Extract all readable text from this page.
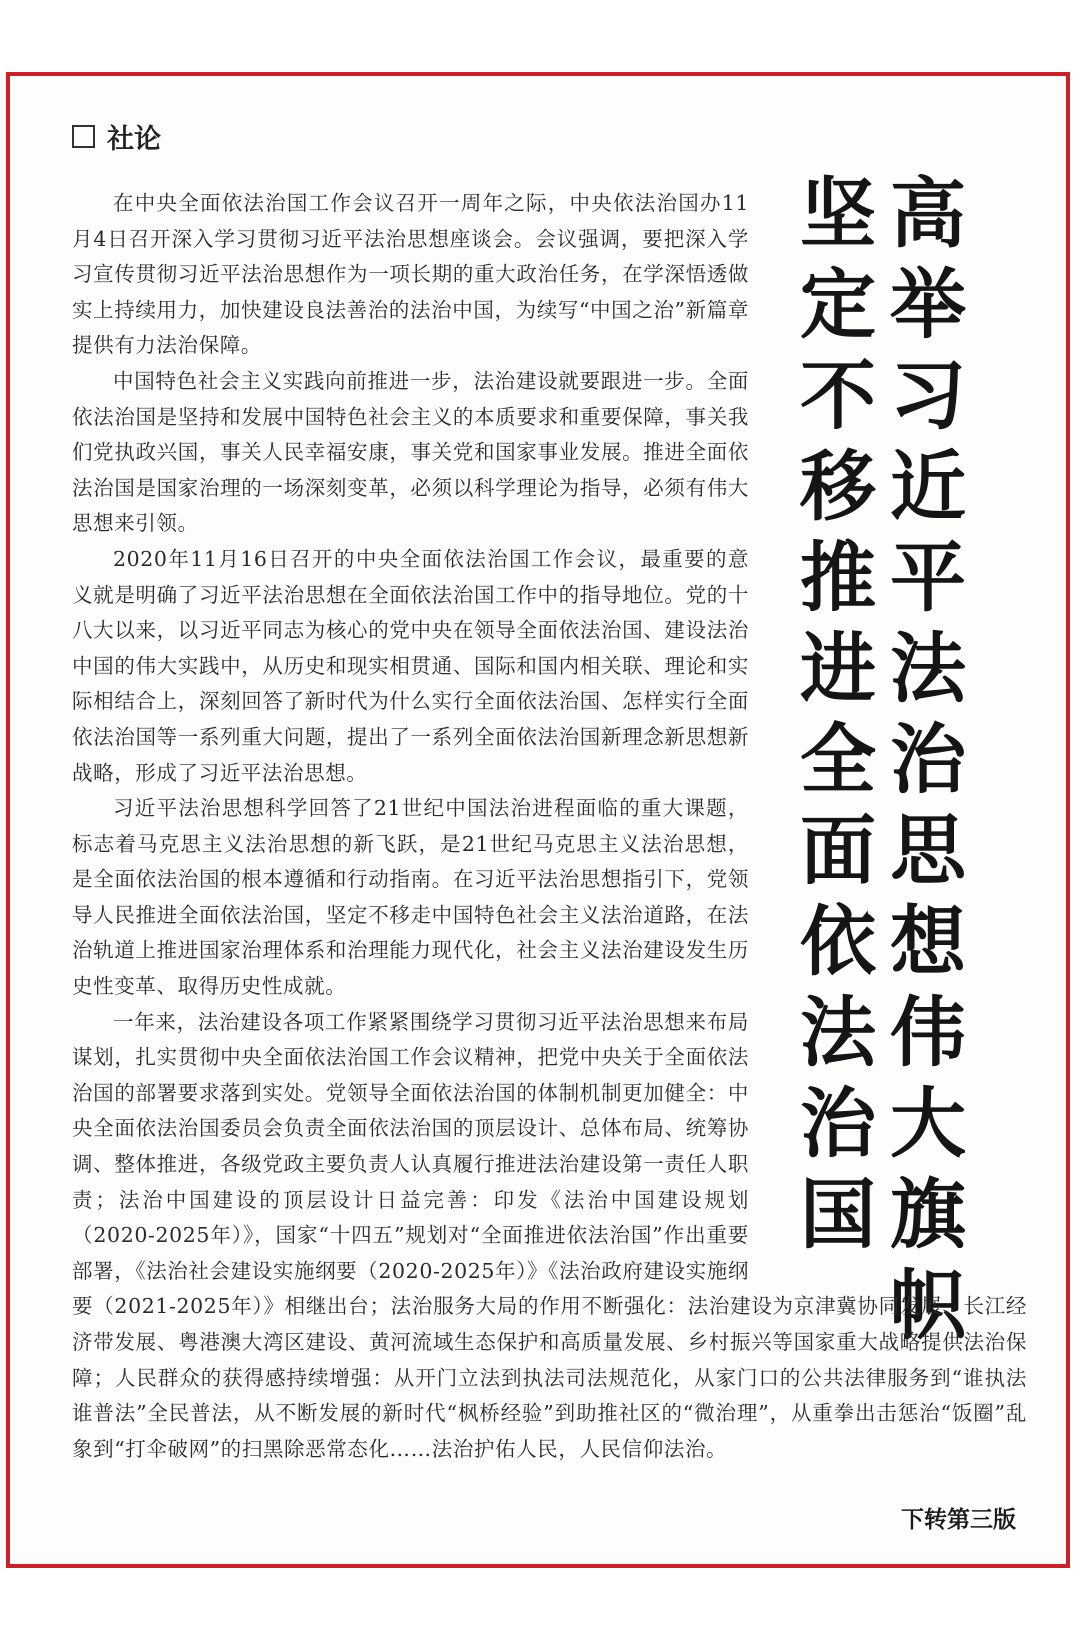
社论
高
举
习
近
平
法
治
思
想
伟
大
旗
帜
坚
定
不
移
推
进
全
面
依
法
治
国

在中央全面依法治国工作会议召开一周年之际，中央依法治国办11月4日召开深入学习贯彻习近平法治思想座谈会。会议强调，要把深入学习宣传贯彻习近平法治思想作为一项长期的重大政治任务，在学深悟透做实上持续用力，加快建设良法善治的法治中国，为续写“中国之治”新篇章提供有力法治保障。

中国特色社会主义实践向前推进一步，法治建设就要跟进一步。全面依法治国是坚持和发展中国特色社会主义的本质要求和重要保障，事关我们党执政兴国，事关人民幸福安康，事关党和国家事业发展。推进全面依法治国是国家治理的一场深刻变革，必须以科学理论为指导，必须有伟大思想来引领。

2020年11月16日召开的中央全面依法治国工作会议，最重要的意义就是明确了习近平法治思想在全面依法治国工作中的指导地位。党的十八大以来，以习近平同志为核心的党中央在领导全面依法治国、建设法治中国的伟大实践中，从历史和现实相贯通、国际和国内相关联、理论和实际相结合上，深刻回答了新时代为什么实行全面依法治国、怎样实行全面依法治国等一系列重大问题，提出了一系列全面依法治国新理念新思想新战略，形成了习近平法治思想。

习近平法治思想科学回答了21世纪中国法治进程面临的重大课题，标志着马克思主义法治思想的新飞跃，是21世纪马克思主义法治思想，是全面依法治国的根本遵循和行动指南。在习近平法治思想指引下，党领导人民推进全面依法治国，坚定不移走中国特色社会主义法治道路，在法治轨道上推进国家治理体系和治理能力现代化，社会主义法治建设发生历史性变革、取得历史性成就。

一年来，法治建设各项工作紧紧围绕学习贯彻习近平法治思想来布局谋划，扎实贯彻中央全面依法治国工作会议精神，把党中央关于全面依法治国的部署要求落到实处。党领导全面依法治国的体制机制更加健全：中央全面依法治国委员会负责全面依法治国的顶层设计、总体布局、统筹协调、整体推进，各级党政主要负责人认真履行推进法治建设第一责任人职责；法治中国建设的顶层设计日益完善：印发《法治中国建设规划（2020-2025年）》，国家“十四五”规划对“全面推进依法治国”作出重要部署，《法治社会建设实施纲要（2020-2025年）》《法治政府建设实施纲要（2021-2025年）》相继出台；法治服务大局的作用不断强化：法治建设为京津冀协同发展、长江经济带发展、粤港澳大湾区建设、黄河流域生态保护和高质量发展、乡村振兴等国家重大战略提供法治保障；人民群众的获得感持续增强：从开门立法到执法司法规范化，从家门口的公共法律服务到“谁执法谁普法”全民普法，从不断发展的新时代“枫桥经验”到助推社区的“微治理”，从重拳出击惩治“饭圈”乱象到“打伞破网”的扫黑除恶常态化……法治护佑人民，人民信仰法治。

下转第三版
